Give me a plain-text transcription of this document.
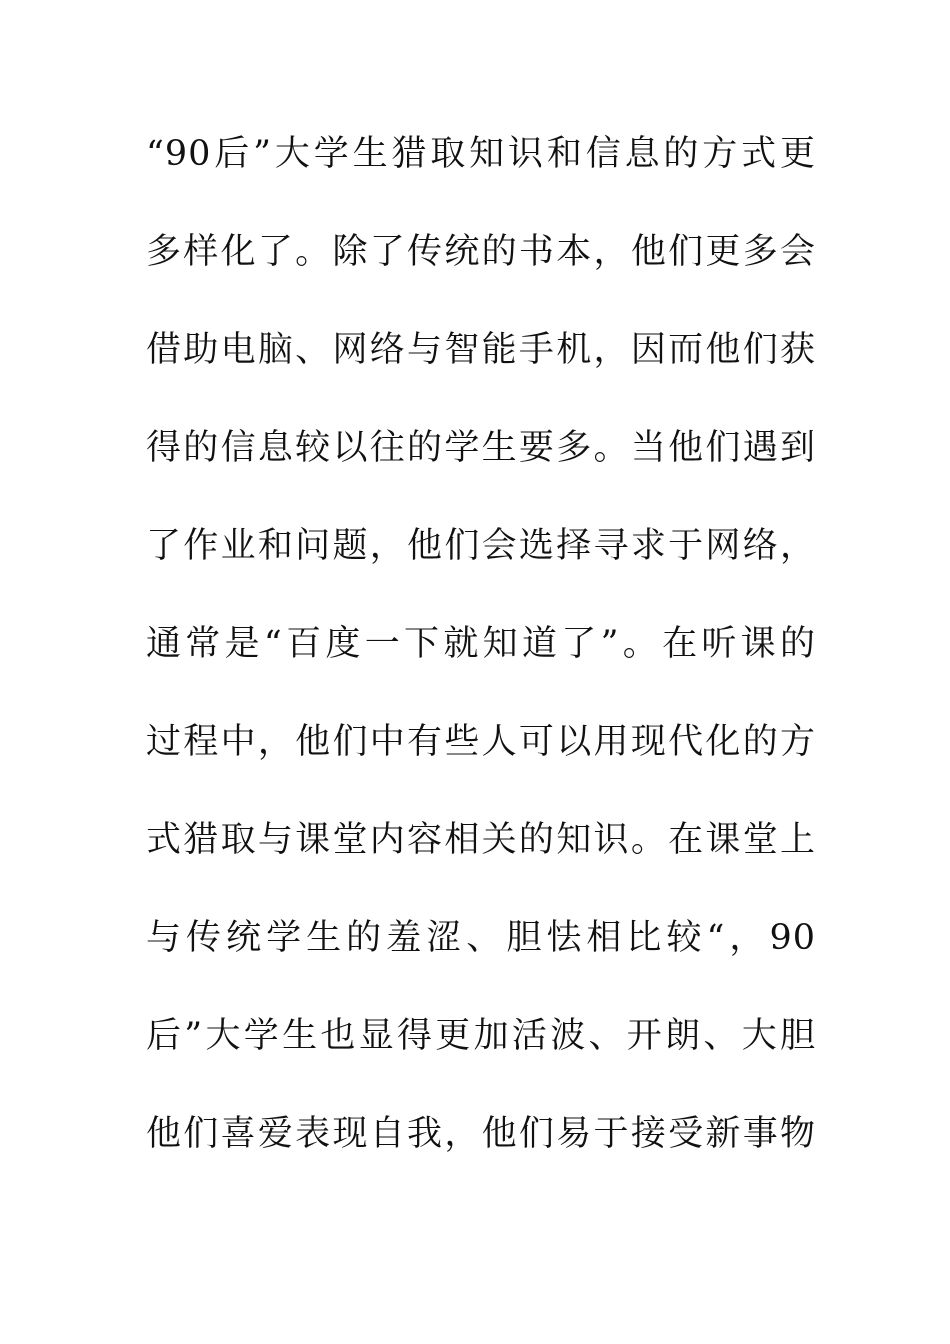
“90后”大学生猎取知识和信息的方式更
多样化了。除了传统的书本，他们更多会
借助电脑、网络与智能手机，因而他们获
得的信息较以往的学生要多。当他们遇到
了作业和问题，他们会选择寻求于网络，
通常是“百度一下就知道了”。在听课的
过程中，他们中有些人可以用现代化的方
式猎取与课堂内容相关的知识。在课堂上
与传统学生的羞涩、胆怯相比较“，90
后”大学生也显得更加活波、开朗、大胆
他们喜爱表现自我，他们易于接受新事物
